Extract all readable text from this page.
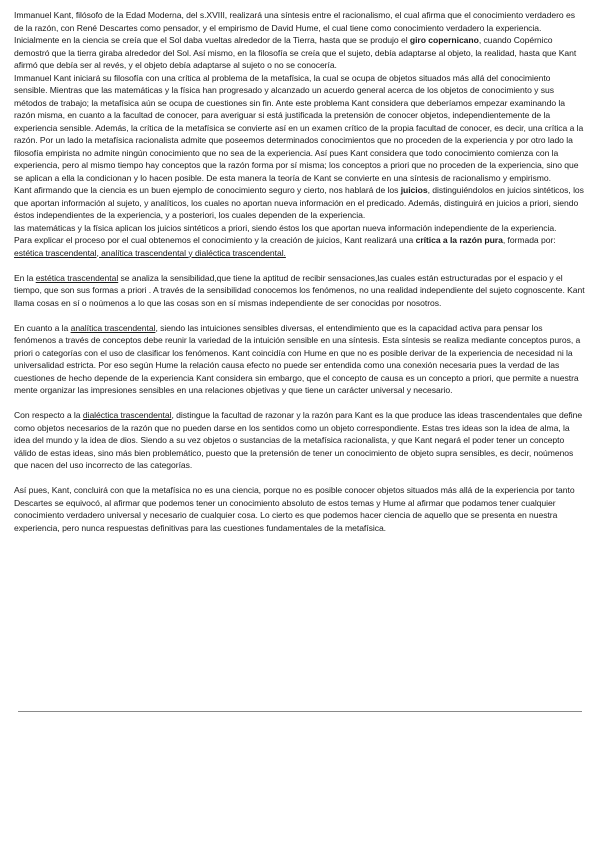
Immanuel Kant, filósofo de la Edad Moderna, del s.XVIII, realizará una síntesis entre el racionalismo, el cual afirma que el conocimiento verdadero es de la razón, con René Descartes como pensador, y el empirismo de David Hume, el cual tiene como conocimiento verdadero la experiencia.

Inicialmente en la ciencia se creía que el Sol daba vueltas alrededor de la Tierra, hasta que se produjo el giro copernicano, cuando Copérnico demostró que la tierra giraba alrededor del Sol. Así mismo, en la filosofía se creía que el sujeto, debía adaptarse al objeto, la realidad, hasta que Kant afirmó que debía ser al revés, y el objeto debía adaptarse al sujeto o no se conocería.

Immanuel Kant iniciará su filosofía con una crítica al problema de la metafísica, la cual se ocupa de objetos situados más allá del conocimiento sensible. Mientras que las matemáticas y la física han progresado y alcanzado un acuerdo general acerca de los objetos de conocimiento y sus métodos de trabajo; la metafísica aún se ocupa de cuestiones sin fin. Ante este problema Kant considera que deberíamos empezar examinando la razón misma, en cuanto a la facultad de conocer, para averiguar si está justificada la pretensión de conocer objetos, independientemente de la experiencia sensible. Además, la crítica de la metafísica se convierte así en un examen crítico de la propia facultad de conocer, es decir, una crítica a la razón. Por un lado la metafísica racionalista admite que poseemos determinados conocimientos que no proceden de la experiencia y por otro lado la filosofía empirista no admite ningún conocimiento que no sea de la experiencia. Así pues Kant considera que todo conocimiento comienza con la experiencia, pero al mismo tiempo hay conceptos que la razón forma por sí misma; los conceptos a priori que no proceden de la experiencia, sino que se aplican a ella la condicionan y lo hacen posible. De esta manera la teoría de Kant se convierte en una síntesis de racionalismo y empirismo.

Kant afirmando que la ciencia es un buen ejemplo de conocimiento seguro y cierto, nos hablará de los juicios, distinguiéndolos en juicios sintéticos, los que aportan información al sujeto, y analíticos, los cuales no aportan nueva información en el predicado. Además, distinguirá en juicios a priori, siendo éstos independientes de la experiencia, y a posteriori, los cuales dependen de la experiencia.

las matemáticas y la física aplican los juicios sintéticos a priori, siendo éstos los que aportan nueva información independiente de la experiencia.

Para explicar el proceso por el cual obtenemos el conocimiento y la creación de juicios, Kant realizará una crítica a la razón pura, formada por: estética trascendental, analítica trascendental y dialéctica trascendental.

En la estética trascendental se analiza la sensibilidad,que tiene la aptitud de recibir sensaciones,las cuales están estructuradas por el espacio y el tiempo, que son sus formas a priori . A través de la sensibilidad conocemos los fenómenos, no una realidad independiente del sujeto cognoscente. Kant llama cosas en sí o noúmenos a lo que las cosas son en sí mismas independiente de ser conocidas por nosotros.

En cuanto a la analítica trascendental, siendo las intuiciones sensibles diversas, el entendimiento que es la capacidad activa para pensar los fenómenos a través de conceptos debe reunir la variedad de la intuición sensible en una síntesis. Esta síntesis se realiza mediante conceptos puros, a priori o categorías con el uso de clasificar los fenómenos. Kant coincidía con Hume en que no es posible derivar de la experiencia de necesidad ni la universalidad estricta. Por eso según Hume la relación causa efecto no puede ser entendida como una conexión necesaria pues la verdad de las cuestiones de hecho depende de la experiencia Kant considera sin embargo, que el concepto de causa es un concepto a priori, que permite a nuestra mente organizar las impresiones sensibles en una relaciones objetivas y que tiene un carácter universal y necesario.

Con respecto a la dialéctica trascendental, distingue la facultad de razonar y la razón para Kant es la que produce las ideas trascendentales que define como objetos necesarios de la razón que no pueden darse en los sentidos como un objeto correspondiente. Estas tres ideas son la idea de alma, la idea del mundo y la idea de dios. Siendo a su vez objetos o sustancias de la metafísica racionalista, y que Kant negará el poder tener un concepto válido de estas ideas, sino más bien problemático, puesto que la pretensión de tener un conocimiento de objeto supra sensibles, es decir, noúmenos que nacen del uso incorrecto de las categorías.

Así pues, Kant, concluirá con que la metafísica no es una ciencia, porque no es posible conocer objetos situados más allá de la experiencia por tanto Descartes se equivocó, al afirmar que podemos tener un conocimiento absoluto de estos temas y Hume al afirmar que podamos tener cualquier conocimiento verdadero universal y necesario de cualquier cosa. Lo cierto es que podemos hacer ciencia de aquello que se presenta en nuestra experiencia, pero nunca respuestas definitivas para las cuestiones fundamentales de la metafísica.
